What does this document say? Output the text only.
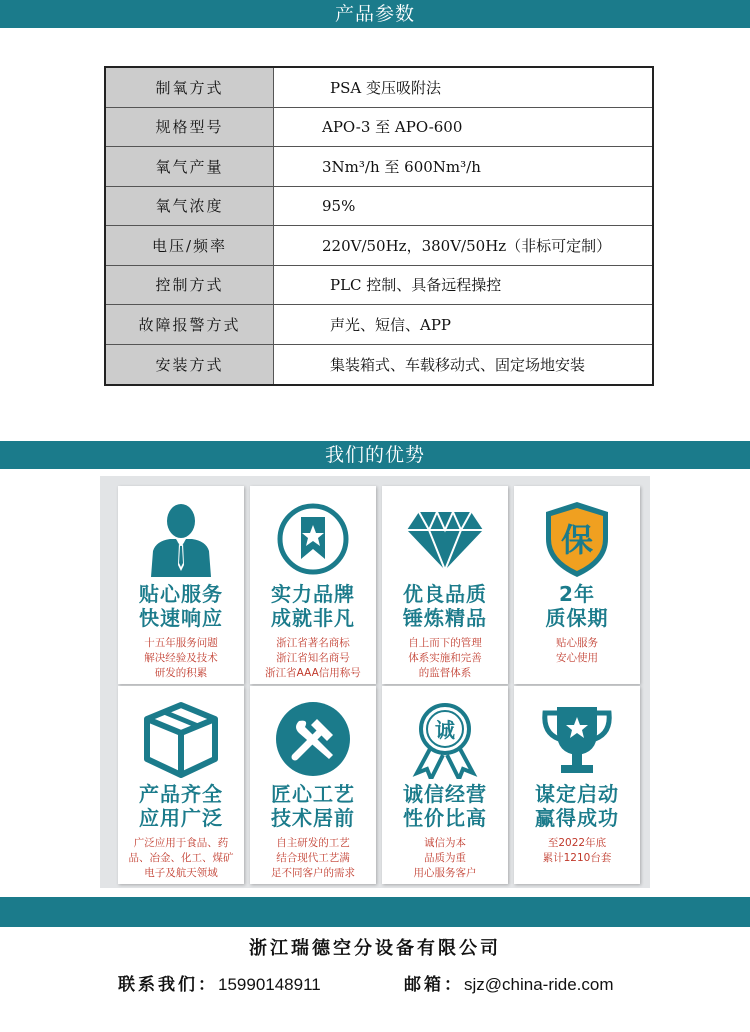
产品参数
制氧方式	PSA 变压吸附法
规格型号	APO-3 至 APO-600
氧气产量	3Nm³/h 至 600Nm³/h
氧气浓度	95%
电压/频率	220V/50Hz，380V/50Hz（非标可定制）
控制方式	PLC 控制、具备远程操控
故障报警方式	声光、短信、APP
安装方式	集装箱式、车载移动式、固定场地安装
我们的优势
贴心服务
快速响应
十五年服务问题
解决经验及技术
研发的积累
实力品牌
成就非凡
浙江省著名商标
浙江省知名商号
浙江省AAA信用称号
优良品质
锤炼精品
自上而下的管理
体系实施和完善
的监督体系
保
2年
质保期
贴心服务
安心使用
产品齐全
应用广泛
广泛应用于食品、药
品、冶金、化工、煤矿
电子及航天领域
匠心工艺
技术居前
自主研发的工艺
结合现代工艺满
足不同客户的需求
诚
诚信经营
性价比高
诚信为本
品质为重
用心服务客户
谋定启动
赢得成功
至2022年底
累计1210台套
浙江瑞德空分设备有限公司
联系我们：15990148911	邮箱：sjz@china-ride.com
